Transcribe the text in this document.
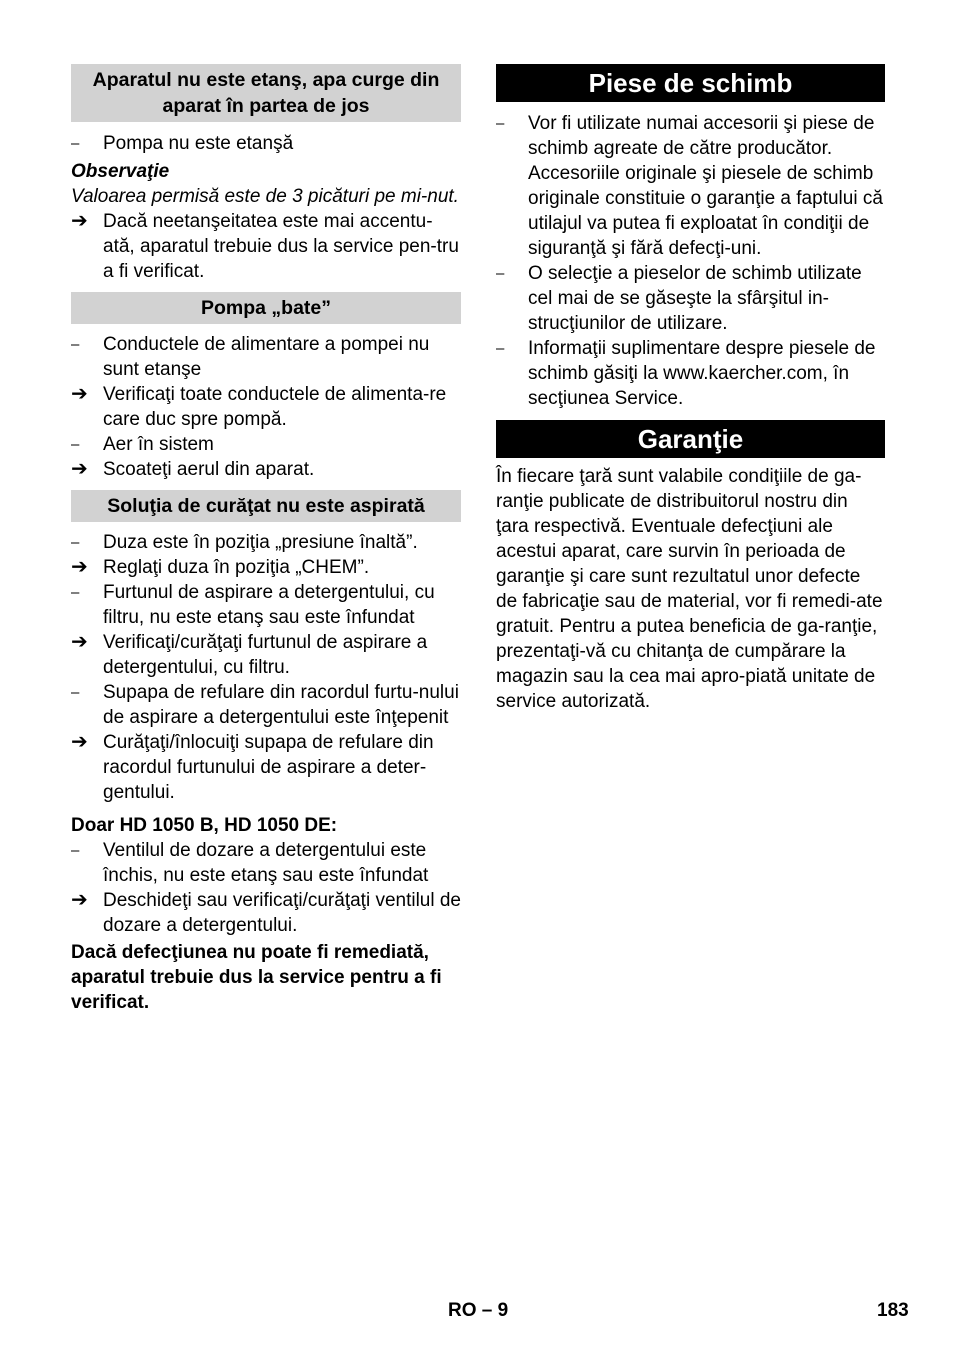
Aparatul nu este etanş, apa curge din aparat în partea de jos
–	Pompa nu este etanşă
Observaţie
Valoarea permisă este de 3 picături pe mi-nut.
➔ Dacă neetanşeitatea este mai accentu-ată, aparatul trebuie dus la service pen-tru a fi verificat.
Pompa „bate”
–	Conductele de alimentare a pompei nu sunt etanşe
➔ Verificaţi toate conductele de alimenta-re care duc spre pompă.
–	Aer în sistem
➔ Scoateţi aerul din aparat.
Soluţia de curăţat nu este aspirată
–	Duza este în poziţia „presiune înaltă”.
➔ Reglaţi duza în poziţia „CHEM”.
–	Furtunul de aspirare a detergentului, cu filtru, nu este etanş sau este înfundat
➔ Verificaţi/curăţaţi furtunul de aspirare a detergentului, cu filtru.
–	Supapa de refulare din racordul furtu-nului de aspirare a detergentului este înţepenit
➔ Curăţaţi/înlocuiţi supapa de refulare din racordul furtunului de aspirare a deter-gentului.
Doar HD 1050 B, HD 1050 DE:
–	Ventilul de dozare a detergentului este închis, nu este etanş sau este înfundat
➔ Deschideţi sau verificaţi/curăţaţi ventilul de dozare a detergentului.
Dacă defecţiunea nu poate fi remediată, aparatul trebuie dus la service pentru a fi verificat.
Piese de schimb
–	Vor fi utilizate numai accesorii şi piese de schimb agreate de către producător. Accesoriile originale şi piesele de schimb originale constituie o garanţie a faptului că utilajul va putea fi exploatat în condiţii de siguranţă şi fără defecţi-uni.
–	O selecţie a pieselor de schimb utilizate cel mai de se găseşte la sfârşitul in-strucţiunilor de utilizare.
–	Informaţii suplimentare despre piesele de schimb găsiţi la www.kaercher.com, în secţiunea Service.
Garanţie
În fiecare ţară sunt valabile condiţiile de ga-ranţie publicate de distribuitorul nostru din ţara respectivă. Eventuale defecţiuni ale acestui aparat, care survin în perioada de garanţie şi care sunt rezultatul unor defecte de fabricaţie sau de material, vor fi remedi-ate gratuit. Pentru a putea beneficia de ga-ranţie, prezentaţi-vă cu chitanţa de cumpărare la magazin sau la cea mai apro-piată unitate de service autorizată.
RO – 9	183
